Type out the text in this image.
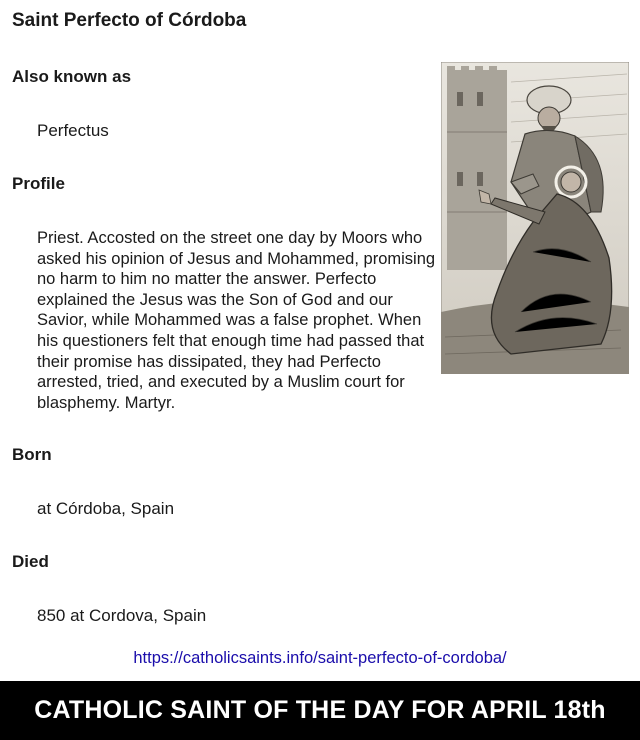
Saint Perfecto of Córdoba
Also known as

Perfectus

Profile

Priest. Accosted on the street one day by Moors who asked his opinion of Jesus and Mohammed, promising no harm to him no matter the answer. Perfecto explained the Jesus was the Son of God and our Savior, while Mohammed was a false prophet. When his questioners felt that enough time had passed that their promise has dissipated, they had Perfecto arrested, tried, and executed by a Muslim court for blasphemy. Martyr.

Born

at Córdoba, Spain

Died

850 at Cordova, Spain

https://catholicsaints.info/saint-perfecto-of-cordoba/
CATHOLIC SAINT OF THE DAY FOR APRIL 18th
